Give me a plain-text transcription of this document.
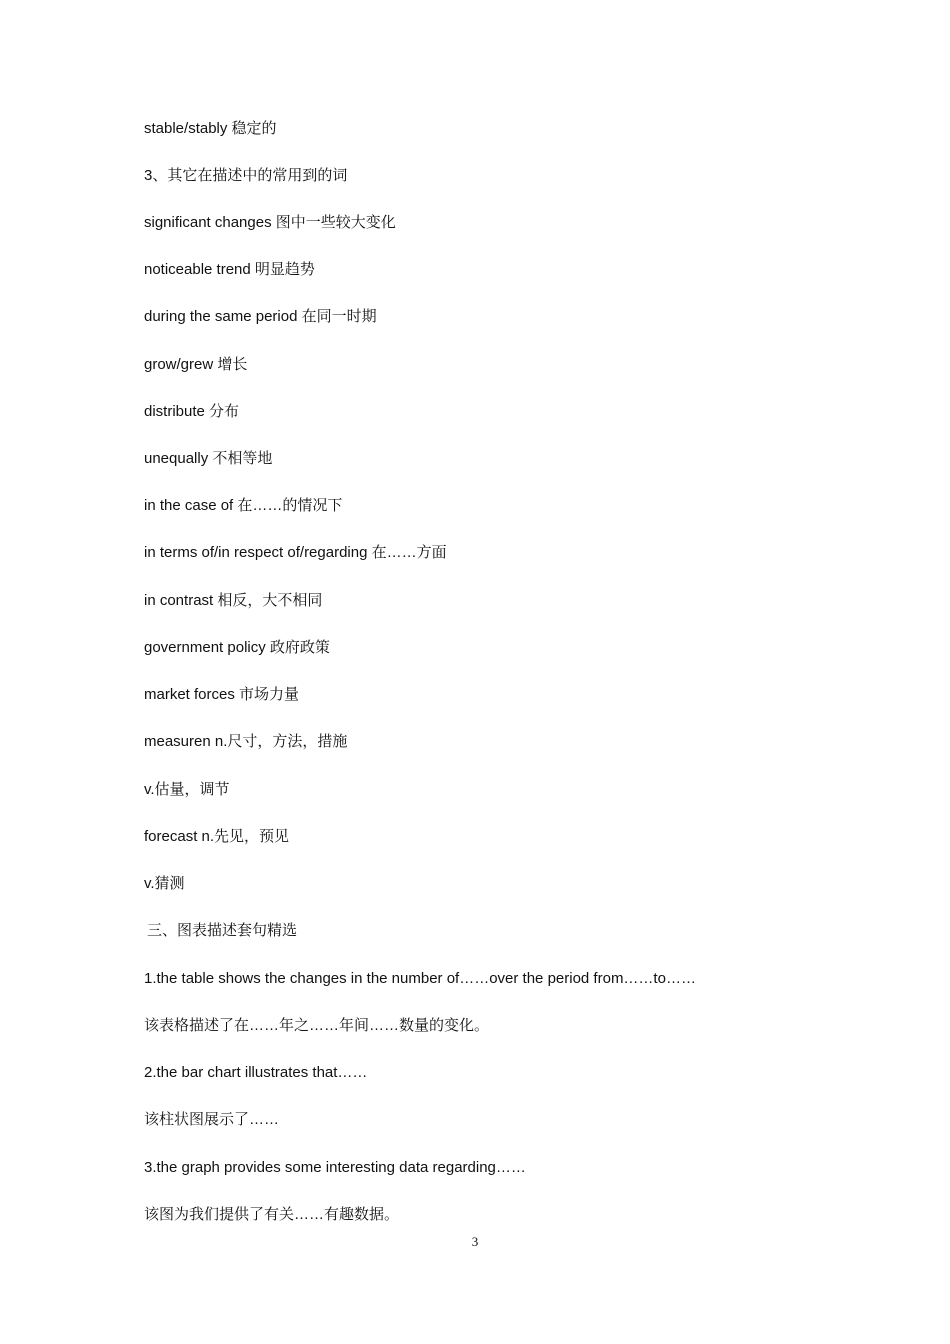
stable/stably 稳定的
3、其它在描述中的常用到的词
significant changes 图中一些较大变化
noticeable trend 明显趋势
during the same period 在同一时期
grow/grew 增长
distribute 分布
unequally 不相等地
in the case of 在……的情况下
in terms of/in respect of/regarding 在……方面
in contrast 相反，大不相同
government policy 政府政策
market forces 市场力量
measuren n.尺寸，方法，措施
v.估量，调节
forecast n.先见，预见
v.猜测
三、图表描述套句精选
1.the table shows the changes in the number of……over the period from……to……
该表格描述了在……年之……年间……数量的变化。
2.the bar chart illustrates that……
该柱状图展示了……
3.the graph provides some interesting data regarding……
该图为我们提供了有关……有趣数据。
3
